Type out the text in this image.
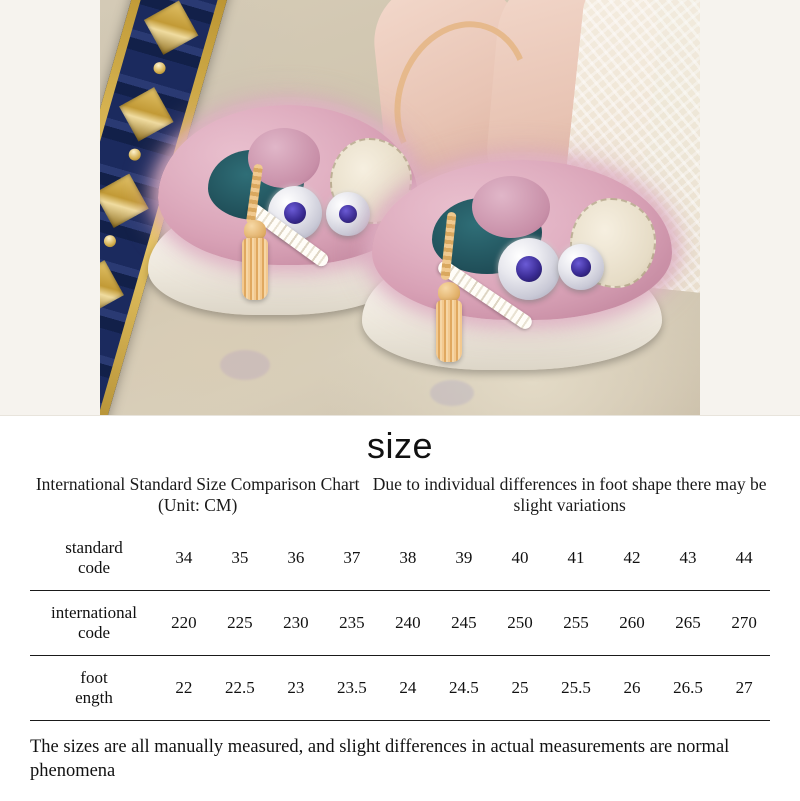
size
International Standard Size Comparison Chart (Unit: CM)
Due to individual differences in foot shape there may be slight variations
standard
code	34	35	36	37	38	39	40	41	42	43	44

international
code	220	225	230	235	240	245	250	255	260	265	270

foot
ength	22	22.5	23	23.5	24	24.5	25	25.5	26	26.5	27
The sizes are all manually measured, and slight differences in actual measurements are normal phenomena
